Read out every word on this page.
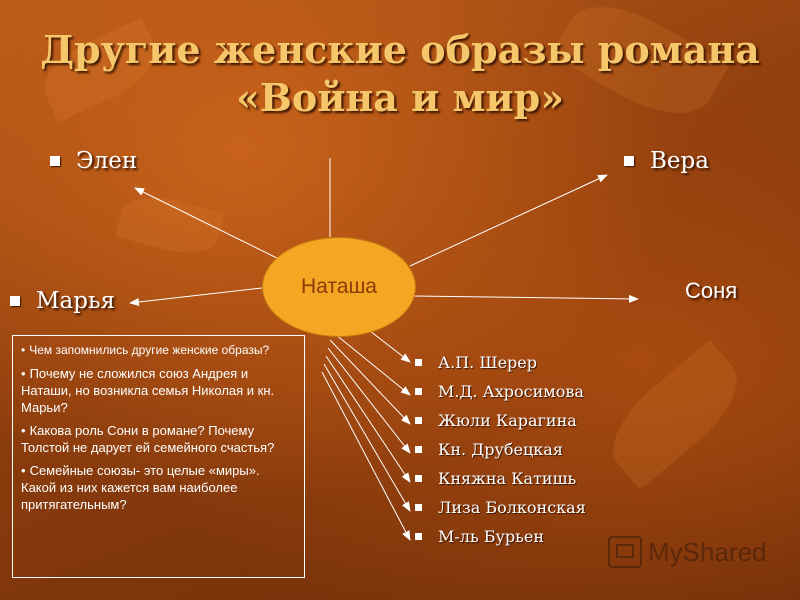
Другие женские образы романа
«Война и мир»
Наташа
Элен	Вера
Марья	Соня

• Чем запомнились другие женские образы?

• Почему не сложился союз Андрея и Наташи, но возникла семья Николая и кн. Марьи?

• Какова роль Сони в романе? Почему Толстой не дарует ей семейного счастья?

• Семейные союзы- это целые «миры». Какой из них кажется вам наиболее притягательным?

А.П. Шерер
М.Д. Ахросимова
Жюли Карагина
Кн. Друбецкая
Княжна Катишь
Лиза Болконская
М-ль Бурьен	MyShared
